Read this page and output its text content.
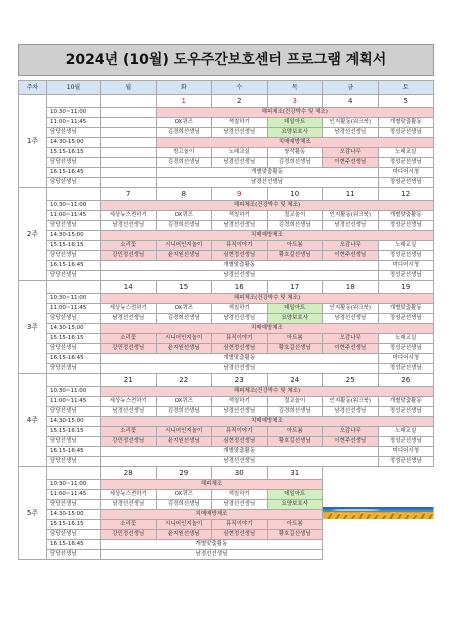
2024년 (10월) 도우주간보호센터 프로그램 계획서
주차	10월	월	화	수	목	금	토
1주			1	2	3	4	5
	10:30~11:00		해피체조(건강박수 및 체조)				
	11:00~11:45		OX퀴즈	색칠하기	데일아트	인지활동(워크북)	개별맞춤활동
	담당선생님		김경희선생님	남경선선생님	요양보호사	남경선선생님	정성균선생님
	14:30-15:00		치매예방체조				
	15:15-16:15		빙고놀이	노래교실	창작활동	오감나무	노래교실
	담당선생님		김경희선생님	남경선선생님	김경희선생님	이현주선생님	정성균선생님
	16:15-16:45		개별맞춤활동				미디어시청
	담당선생님		남경선선생님				정성균선생님
2주		7	8	9	10	11	12
	10:30~11:00	해피체조(건강박수 및 체조)					
	11:00~11:45	세상뉴스전하기	OX퀴즈	색칠하기	절교놀이	인지활동(워크북)	개별맞춤활동
	담당선생님	남경선선생님	김경희선생님	남경선선생님	김경희선생님	남경선선생님	정성균선생님
	14:30-15:00	치매예방체조					
	15:15-16:15	소리꽃	시니어인지놀이	뮤직이야기	아트봄	오감나무	노래교실
	담당선생님	강민정선생님	윤지원선생님	심현정선생님	황호길선생님	이현주선생님	정성균선생님
	16:15-16:45	개별맞춤활동					미디어시청
	담당선생님	남경선선생님					정성균선생님
3주		14	15	16	17	18	19
	10:30~11:00	해피체조(건강박수 및 체조)					
	11:00~11:45	세상뉴스전하기	OX퀴즈	색칠하기	데일아트	인지활동(워크북)	개별맞춤활동
	담당선생님	남경선선생님	김경희선생님	남경선선생님	요양보호사	남경선선생님	정성균선생님
	14:30-15:00	치매예방체조					
	15:15-16:15	소리꽃	시니어인지놀이	뮤직이야기	아트봄	오감나무	노래교실
	담당선생님	강민정선생님	윤지원선생님	심현정선생님	황호길선생님	이현주선생님	정성균선생님
	16:15-16:45	개별맞춤활동					미디어시청
	담당선생님	남경선선생님					정성균선생님
4주		21	22	23	24	25	26
	10:30~11:00	해피체조(건강박수 및 체조)					
	11:00~11:45	세상뉴스전하기	OX퀴즈	색칠하기	절교놀이	인지활동(워크북)	개별맞춤활동
	담당선생님	남경선선생님	김경희선생님	남경선선생님	김경희선생님	남경선선생님	정성균선생님
	14:30-15:00	치매예방체조					
	15:15-16:15	소리꽃	시니어인지놀이	뮤직이야기	아트봄	오감나무	노래교실
	담당선생님	강민정선생님	윤지원선생님	심현정선생님	황호길선생님	이현주선생님	정성균선생님
	16:15-16:45	개별맞춤활동					미디어시청
	담당선생님	남경선선생님					정성균선생님
5주		28	29	30	31	
	10:30~11:00	해피체조					
	11:00~11:45	세상뉴스전하기	OX퀴즈	색칠하기	데일아트		
	담당선생님	남경선선생님	김경희선생님	남경선선생님	요양보호사		
	14:30-15:00	치매예방체조					
	15:15-16:15	소리꽃	시니어인지놀이	뮤직이야기	아트봄		
	담당선생님	강민정선생님	윤지원선생님	심현정선생님	황호길선생님		
	16:15-16:45	개별맞춤활동					
	담당선생님	남경선선생님					
